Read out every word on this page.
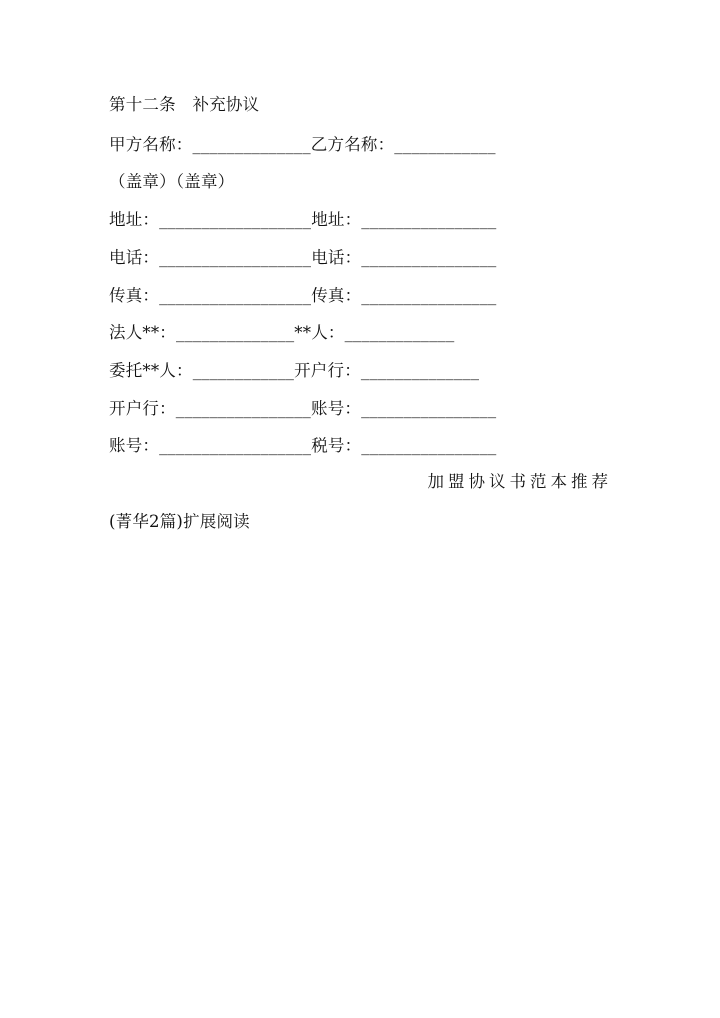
第十二条　补充协议
甲方名称：______________乙方名称：____________
（盖章）（盖章）
地址：__________________地址：________________
电话：__________________电话：________________
传真：__________________传真：________________
法人**：______________**人：_____________
委托**人：____________开户行：______________
开户行：________________账号：________________
账号：__________________税号：________________
加盟协议书范本推荐
(菁华2篇)扩展阅读
